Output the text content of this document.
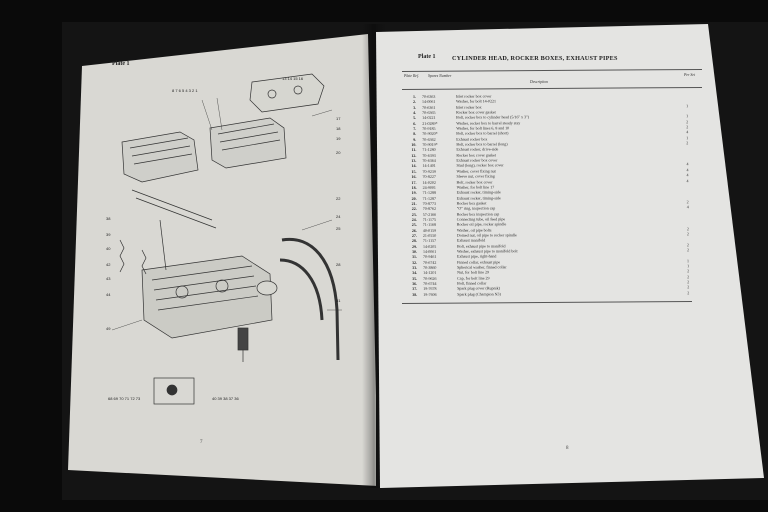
Plate 1
13 14 15 16
8 7 6 5 4 3 2 1
17
18
19
20
22
24
25
28
31
38
39
40
42
43
44
49
68 69 70 71 72 73	40 39 38 37 36
7
Plate 1	CYLINDER HEAD, ROCKER BOXES, EXHAUST PIPES
Plate Ref. Spares Number
Description
Per Set
1.	70-6363	Inlet rocker box cover
2.	14-0061	Washer, for bolt 14-0221
3.	70-6361	Inlet rocker box	1
4.	70-6365	Rocker box cover gasket
5.	14-0221	Bolt, rocker box to cylinder head (5/16" x 3")	1
6.	21-0289*	Washer, rocker box to barrel steady stay	2
7.	70-9185	Washer, for bolt lines 6, 8 and 10	2
8.	70-9020*	Bolt, rocker box to barrel (short)	4
9.	70-6362	Exhaust rocker box	1
10.	70-9019*	Bolt, rocker box to barrel (long)	2
11.	71-1280	Exhaust rocker, drive-side
12.	70-6393	Rocker box cover gasket
13.	70-6364	Exhaust rocker box cover
14.	14-1401	Stud (long), rocker box cover	4
15.	70-9239	Washer, cover fixing nut	4
16.	70-8227	Sleeve nut, cover fixing	4
17.	14-0202	Bolt, rocker box cover	4
18.	24-9001	Washer, for bolt line 17
19.	71-1288	Exhaust rocker, timing-side
20.	71-1287	Exhaust rocker, timing-side
21.	70-8773	Rocker box gasket	2
22.	70-8762	"O" ring, inspection cap	4
23.	57-2166	Rocker box inspection cap
24.	71-1175	Connecting tube, oil feed pipe
25.	71-1168	Rocker oil pipe, rocker spindle
26.	40-0159	Washer, oil pipe bolts	2
27.	21-0550	Domed nut, oil pipe to rocker spindle	2
28.	71-1157	Exhaust manifold
29.	14-0205	Bolt, exhaust pipe to manifold	2
30.	14-0061	Washer, exhaust pipe to manifold bolt	2
31.	70-9461	Exhaust pipe, right-hand
32.	70-6742	Finned collar, exhaust pipe	1
33.	70-3860	Spherical washer, finned collar	1
34.	14-1201	Nut, for bolt line 29	2
35.	70-9626	Cap, for bolt line 29	2
36.	70-6744	Bolt, finned collar	2
37.	19-7678	Spark plug cover (Rupnik)	2
38.	19-7606	Spark plug (Champion N3)	2
8
